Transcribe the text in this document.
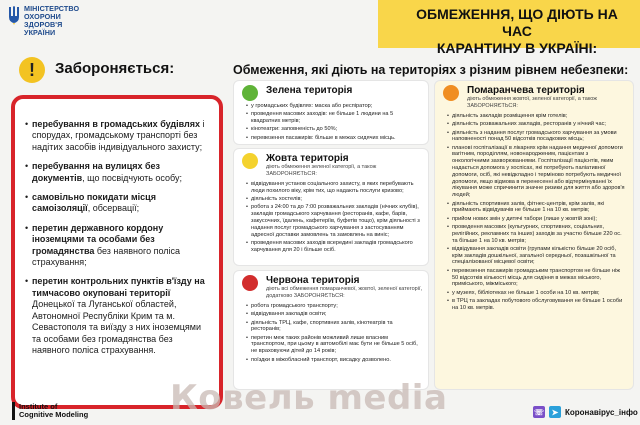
МІНІСТЕРСТВО
ОХОРОНИ
ЗДОРОВ'Я
УКРАЇНИ
ОБМЕЖЕННЯ, ЩО ДІЮТЬ НА ЧАС
КАРАНТИНУ В УКРАЇНІ:
!	Забороняється:
• перебування в громадських будівлях і спорудах, громадському транспорті без надітих засобів індивідуального захисту;
• перебування на вулицях без документів, що посвідчують особу;
• самовільно покидати місця самоізоляції, обсервації;
• перетин державного кордону іноземцями та особами без громадянства без наявного поліса страхування;
• перетин контрольних пунктів в'їзду на тимчасово окуповані території Донецької та Луганської областей, Автономної Республіки Крим та м. Севастополя та виїзду з них іноземцями та особами без громадянства без наявного поліса страхування.
Обмеження, які діють на територіях з різним рівнем небезпеки:
Зелена територія
• у громадських будівлях: маска або респіратор;
• проведення масових заходів: не більше 1 людини на 5 квадратних метрів;
• кінотеатри: заповненість до 50%;
• перевезення пасажирів: більше в межах сидячих місць.
Жовта територія
діють обмеження зеленої категорії, а також ЗАБОРОНЯЄТЬСЯ:
• відвідування установ соціального захисту, в яких перебувають люди похилого віку, крім тих, що надають послуги кризово;
• діяльність хостелів;
• робота з 24:00 та до 7:00 розважальних закладів (нічних клубів), закладів громадського харчування (ресторанів, кафе, барів, закусочних, їдалень, кафетеріїв, буфетів тощо), крім діяльності з надання послуг громадського харчування з застосуванням адресної доставки замовлень та замовлень на виніс;
• проведення масових заходів всередині закладів громадського харчування для 20 і більше осіб.
Червона територія
діють всі обмеження помаранчевої, жовтої, зеленої категорії, додатково ЗАБОРОНЯЄТЬСЯ:
• робота громадського транспорту;
• відвідування закладів освіти;
• діяльність ТРЦ, кафе, спортивних залів, кінотеатрів та ресторанів;
• перетин меж таких районів можливий лише власним транспортом, при цьому в автомобілі має бути не більше 5 осіб, не враховуючи дітей до 14 років;
• поїздки в міжобласний транспорт, висадку дозволено.
Помаранчева територія
діють обмеження жовтої, зеленої категорії, а також ЗАБОРОНЯЄТЬСЯ:
• діяльність закладів розміщення крім готелів;
• діяльність розважальних закладів, ресторанів у нічний час;
• діяльність з надання послуг громадського харчування за умови наповненості понад 50 відсотків посадкових місць;
• планові госпіталізації в лікарнях крім надання медичної допомоги вагітним, породіллям, новонародженим, пацієнтам з онкологічними захворюваннями. Госпіталізації пацієнтів, яким надається допомога у хоспісах, які потребують паліативної допомоги, осіб, які невідкладно і терміново потребують медичної допомоги, якщо відмова в перенесенні або відтермінуванні їх лікування може спричинити значне ризики для життя або здоров'я людей;
• діяльність спортивних залів, фітнес-центрів, крім залів, які приймають відвідувачів не більше 1 на 10 кв. метрів;
• прийом нових змін у дитячі табори (лише у жовтій зоні);
• проведення масових (культурних, спортивних, соціальних, релігійних, рекламних та інших) заходів за участю більше 220 ос. та більше 1 на 10 кв. метрів;
• відвідування закладів освіти (групами кількістю більше 20 осіб, крім закладів дошкільної, загальної середньої, позашкільної та спеціалізованої місцевої освіти;
• перевезення пасажирів громадським транспортом не більше ніж 50 відсотків кількості місць для сидіння в межах міського, приміського, міжміського;
• у музеях, бібліотеках не більше 1 особи на 10 кв. метрів;
• в ТРЦ та закладах побутового обслуговування не більше 1 особи на 10 кв. метрів.
Institute of
Cognitive Modeling Ковель media	☏ ➤ Коронавірус_інфо
